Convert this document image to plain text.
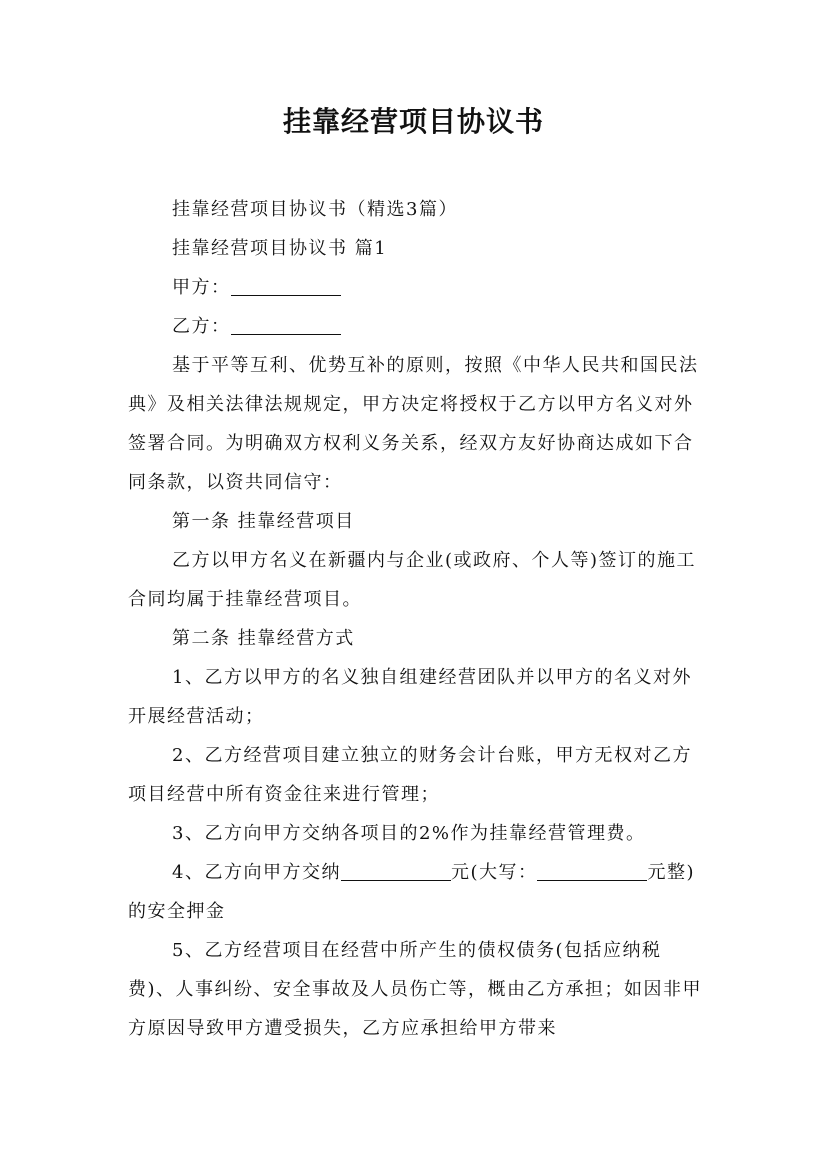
挂靠经营项目协议书

挂靠经营项目协议书（精选3篇）

挂靠经营项目协议书 篇1

甲方：

乙方：

基于平等互利、优势互补的原则，按照《中华人民共和国民法典》及相关法律法规规定，甲方决定将授权于乙方以甲方名义对外签署合同。为明确双方权利义务关系，经双方友好协商达成如下合同条款，以资共同信守：

第一条 挂靠经营项目

乙方以甲方名义在新疆内与企业(或政府、个人等)签订的施工合同均属于挂靠经营项目。

第二条 挂靠经营方式

1、乙方以甲方的名义独自组建经营团队并以甲方的名义对外开展经营活动；

2、乙方经营项目建立独立的财务会计台账，甲方无权对乙方项目经营中所有资金往来进行管理；

3、乙方向甲方交纳各项目的2%作为挂靠经营管理费。

4、乙方向甲方交纳	元(大写：	元整)的安全押金

5、乙方经营项目在经营中所产生的债权债务(包括应纳税费)、人事纠纷、安全事故及人员伤亡等，概由乙方承担；如因非甲方原因导致甲方遭受损失，乙方应承担给甲方带来
